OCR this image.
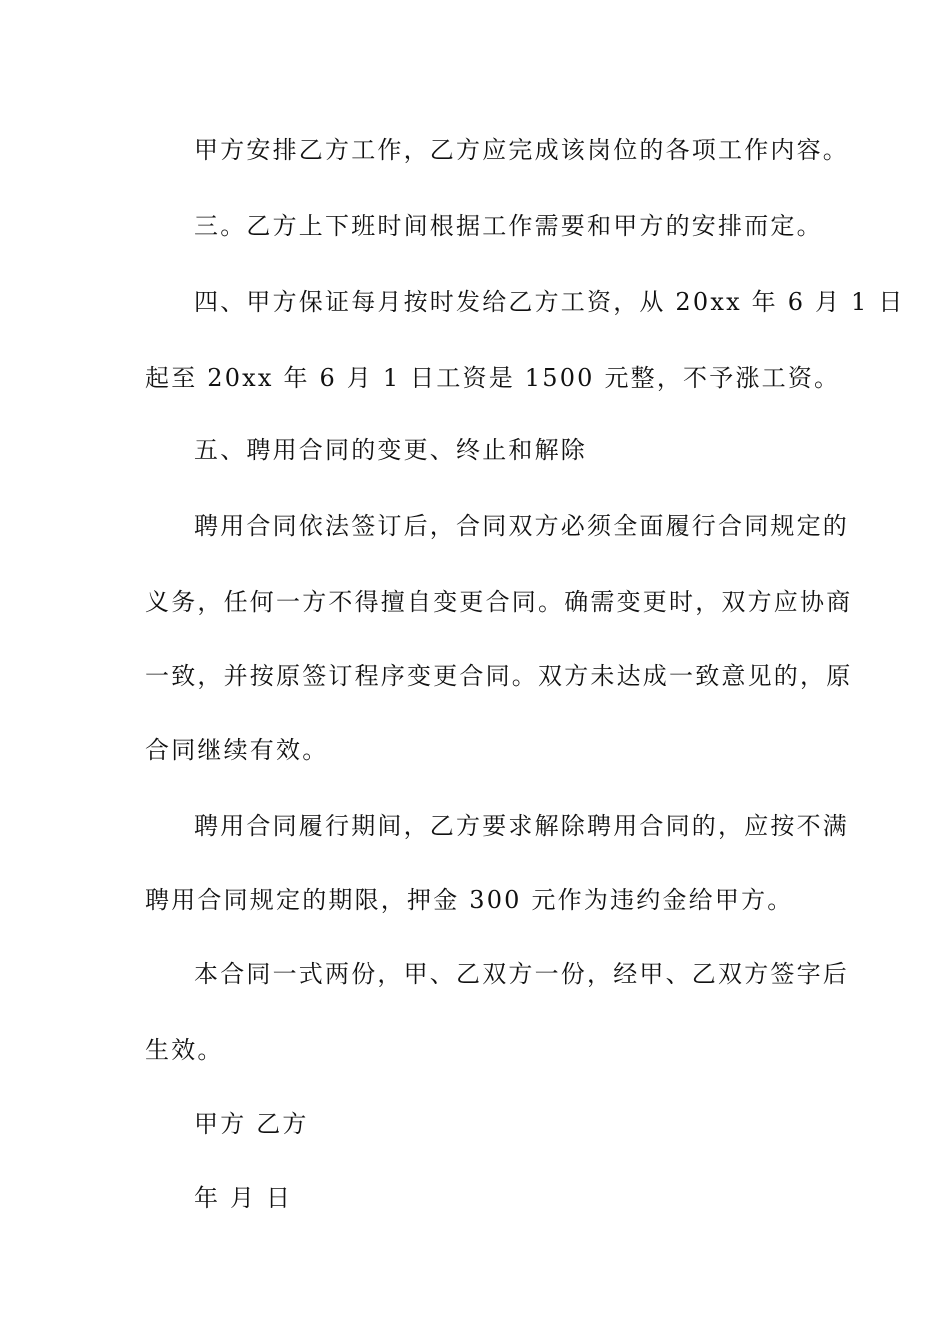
甲方安排乙方工作，乙方应完成该岗位的各项工作内容。
三。乙方上下班时间根据工作需要和甲方的安排而定。
四、甲方保证每月按时发给乙方工资，从 20xx 年 6 月 1 日
起至 20xx 年 6 月 1 日工资是 1500 元整，不予涨工资。
五、聘用合同的变更、终止和解除
聘用合同依法签订后，合同双方必须全面履行合同规定的
义务，任何一方不得擅自变更合同。确需变更时，双方应协商
一致，并按原签订程序变更合同。双方未达成一致意见的，原
合同继续有效。
聘用合同履行期间，乙方要求解除聘用合同的，应按不满
聘用合同规定的期限，押金 300 元作为违约金给甲方。
本合同一式两份，甲、乙双方一份，经甲、乙双方签字后
生效。
甲方 乙方
年 月 日
